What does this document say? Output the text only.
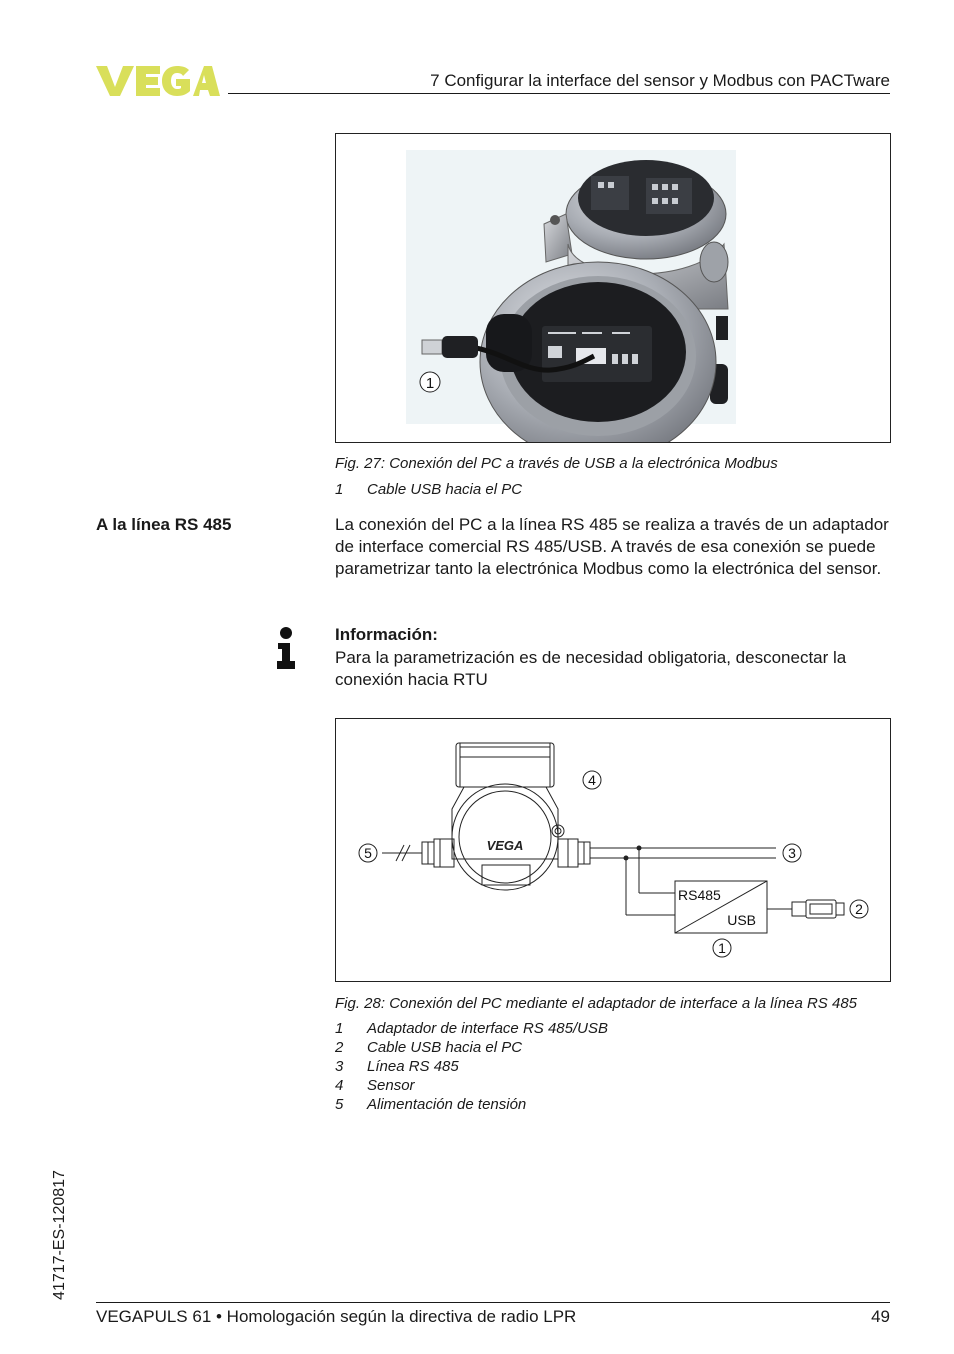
7 Configurar la interface del sensor y Modbus con PACTware
1
Fig. 27: Conexión del PC a través de USB a la electrónica Modbus
1 Cable USB hacia el PC
A la línea RS 485	La conexión del PC a la línea RS 485 se realiza a través de un adaptador de interface comercial RS 485/USB. A través de esa conexión se puede parametrizar tanto la electrónica Modbus como la electrónica del sensor.
Información:
Para la parametrización es de necesidad obligatoria, desconectar la conexión hacia RTU
VEGA
RS485
USB
1
2
3
4
5
Fig. 28: Conexión del PC mediante el adaptador de interface a la línea RS 485
1 Adaptador de interface RS 485/USB
2 Cable USB hacia el PC
3 Línea RS 485
4 Sensor
5 Alimentación de tensión
41717-ES-120817
VEGAPULS 61 • Homologación según la directiva de radio LPR	49
